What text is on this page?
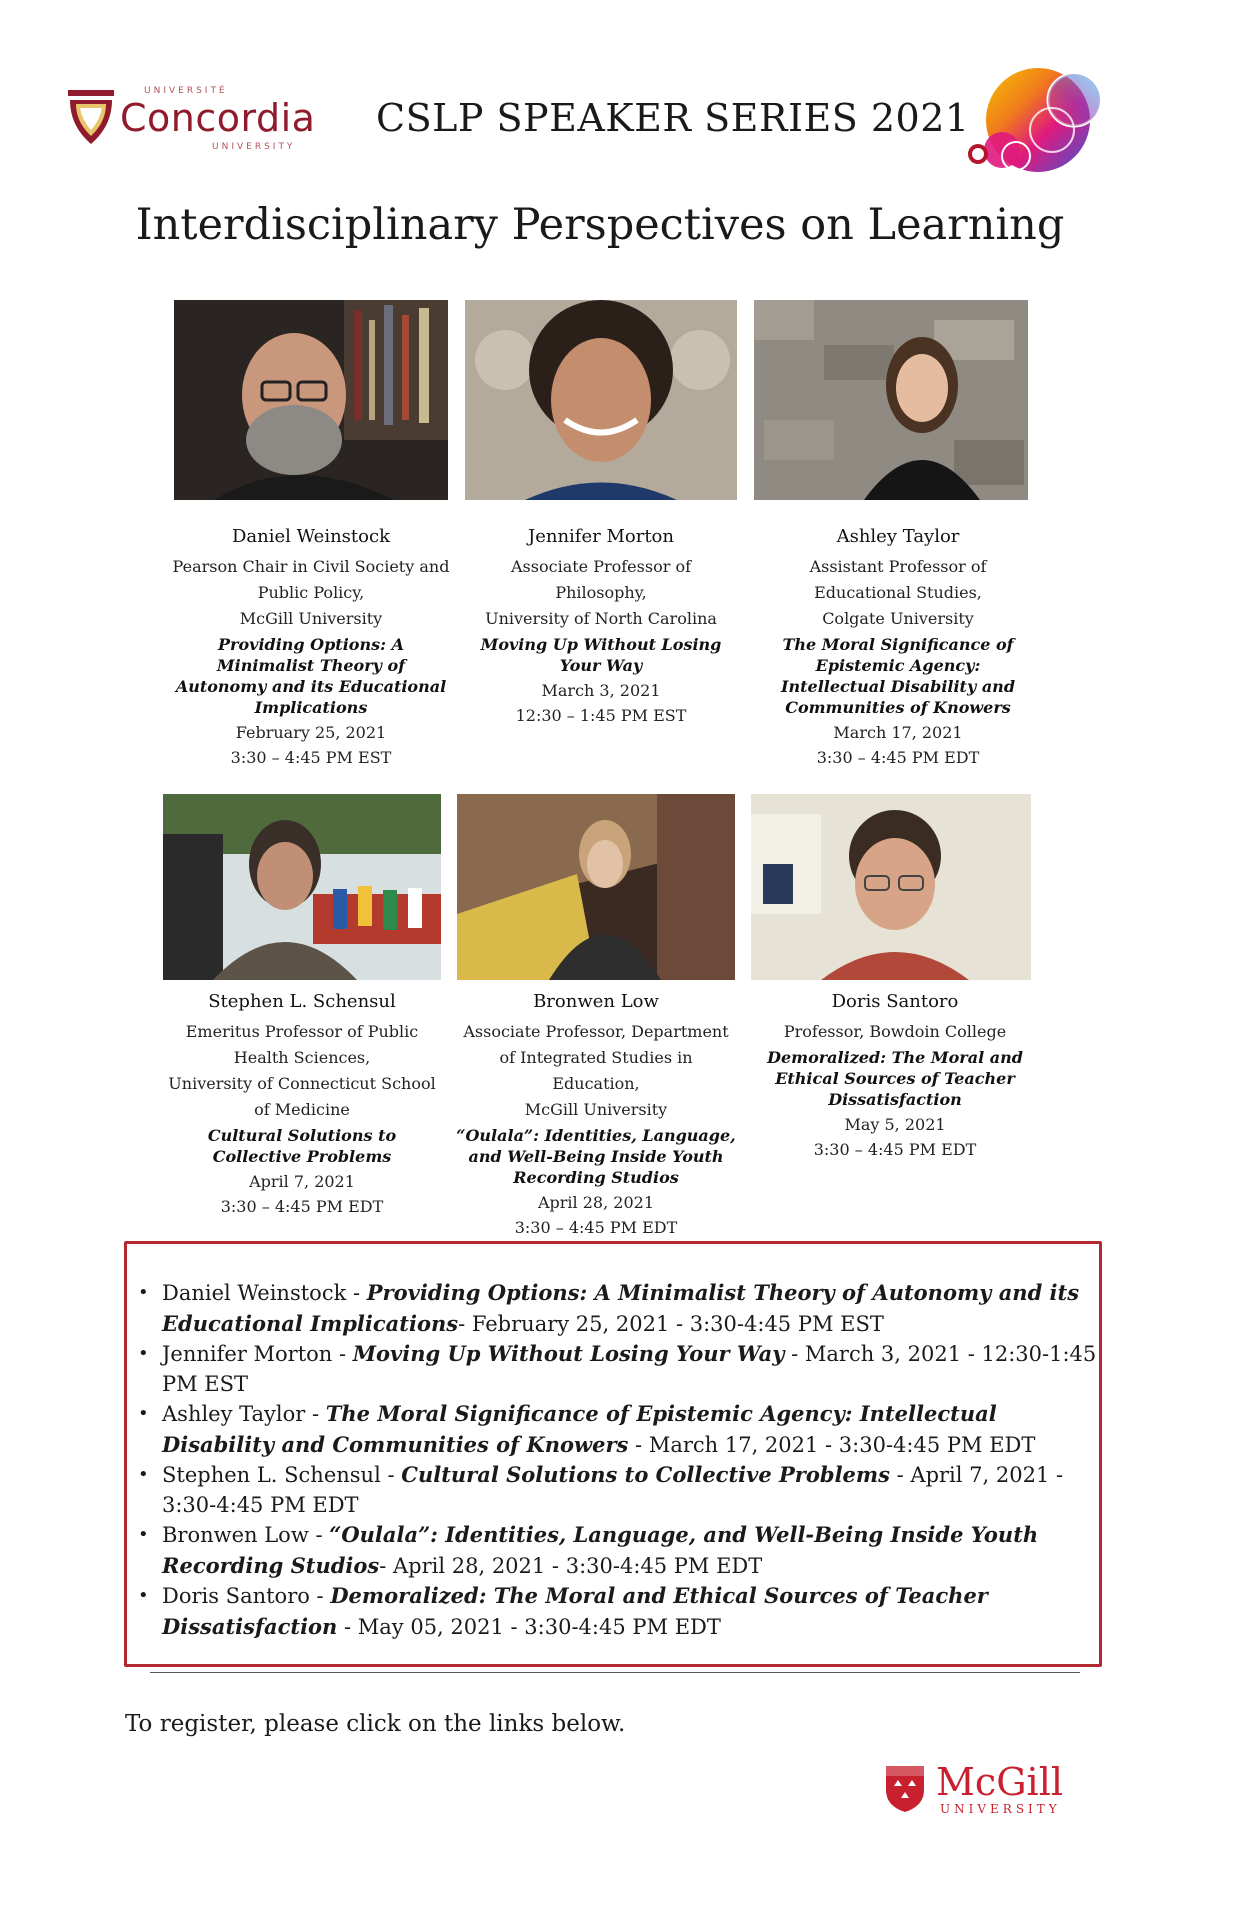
UNIVERSITÉ
Concordia
UNIVERSITY
CSLP SPEAKER SERIES 2021
Interdisciplinary Perspectives on Learning
Daniel Weinstock
Pearson Chair in Civil Society and
Public Policy,
McGill University
Providing Options: A Minimalist Theory of Autonomy and its Educational Implications
February 25, 2021
3:30 – 4:45 PM EST
Jennifer Morton
Associate Professor of
Philosophy,
University of North Carolina
Moving Up Without Losing Your Way
March 3, 2021
12:30 – 1:45 PM EST
Ashley Taylor
Assistant Professor of
Educational Studies,
Colgate University
The Moral Significance of Epistemic Agency: Intellectual Disability and Communities of Knowers
March 17, 2021
3:30 – 4:45 PM EDT
Stephen L. Schensul
Emeritus Professor of Public
Health Sciences,
University of Connecticut School
of Medicine
Cultural Solutions to Collective Problems
April 7, 2021
3:30 – 4:45 PM EDT
Bronwen Low
Associate Professor, Department
of Integrated Studies in
Education,
McGill University
“Oulala”: Identities, Language, and Well-Being Inside Youth Recording Studios
April 28, 2021
3:30 – 4:45 PM EDT
Doris Santoro
Professor, Bowdoin College
Demoralized: The Moral and Ethical Sources of Teacher Dissatisfaction
May 5, 2021
3:30 – 4:45 PM EDT
• Daniel Weinstock - Providing Options: A Minimalist Theory of Autonomy and its Educational Implications- February 25, 2021 - 3:30-4:45 PM EST
• Jennifer Morton - Moving Up Without Losing Your Way - March 3, 2021 - 12:30-1:45 PM EST
• Ashley Taylor - The Moral Significance of Epistemic Agency: Intellectual Disability and Communities of Knowers - March 17, 2021 - 3:30-4:45 PM EDT
• Stephen L. Schensul - Cultural Solutions to Collective Problems - April 7, 2021 - 3:30-4:45 PM EDT
• Bronwen Low - “Oulala”: Identities, Language, and Well-Being Inside Youth Recording Studios- April 28, 2021 - 3:30-4:45 PM EDT
• Doris Santoro - Demoralized: The Moral and Ethical Sources of Teacher Dissatisfaction - May 05, 2021 - 3:30-4:45 PM EDT
To register, please click on the links below.
McGill
UNIVERSITY
